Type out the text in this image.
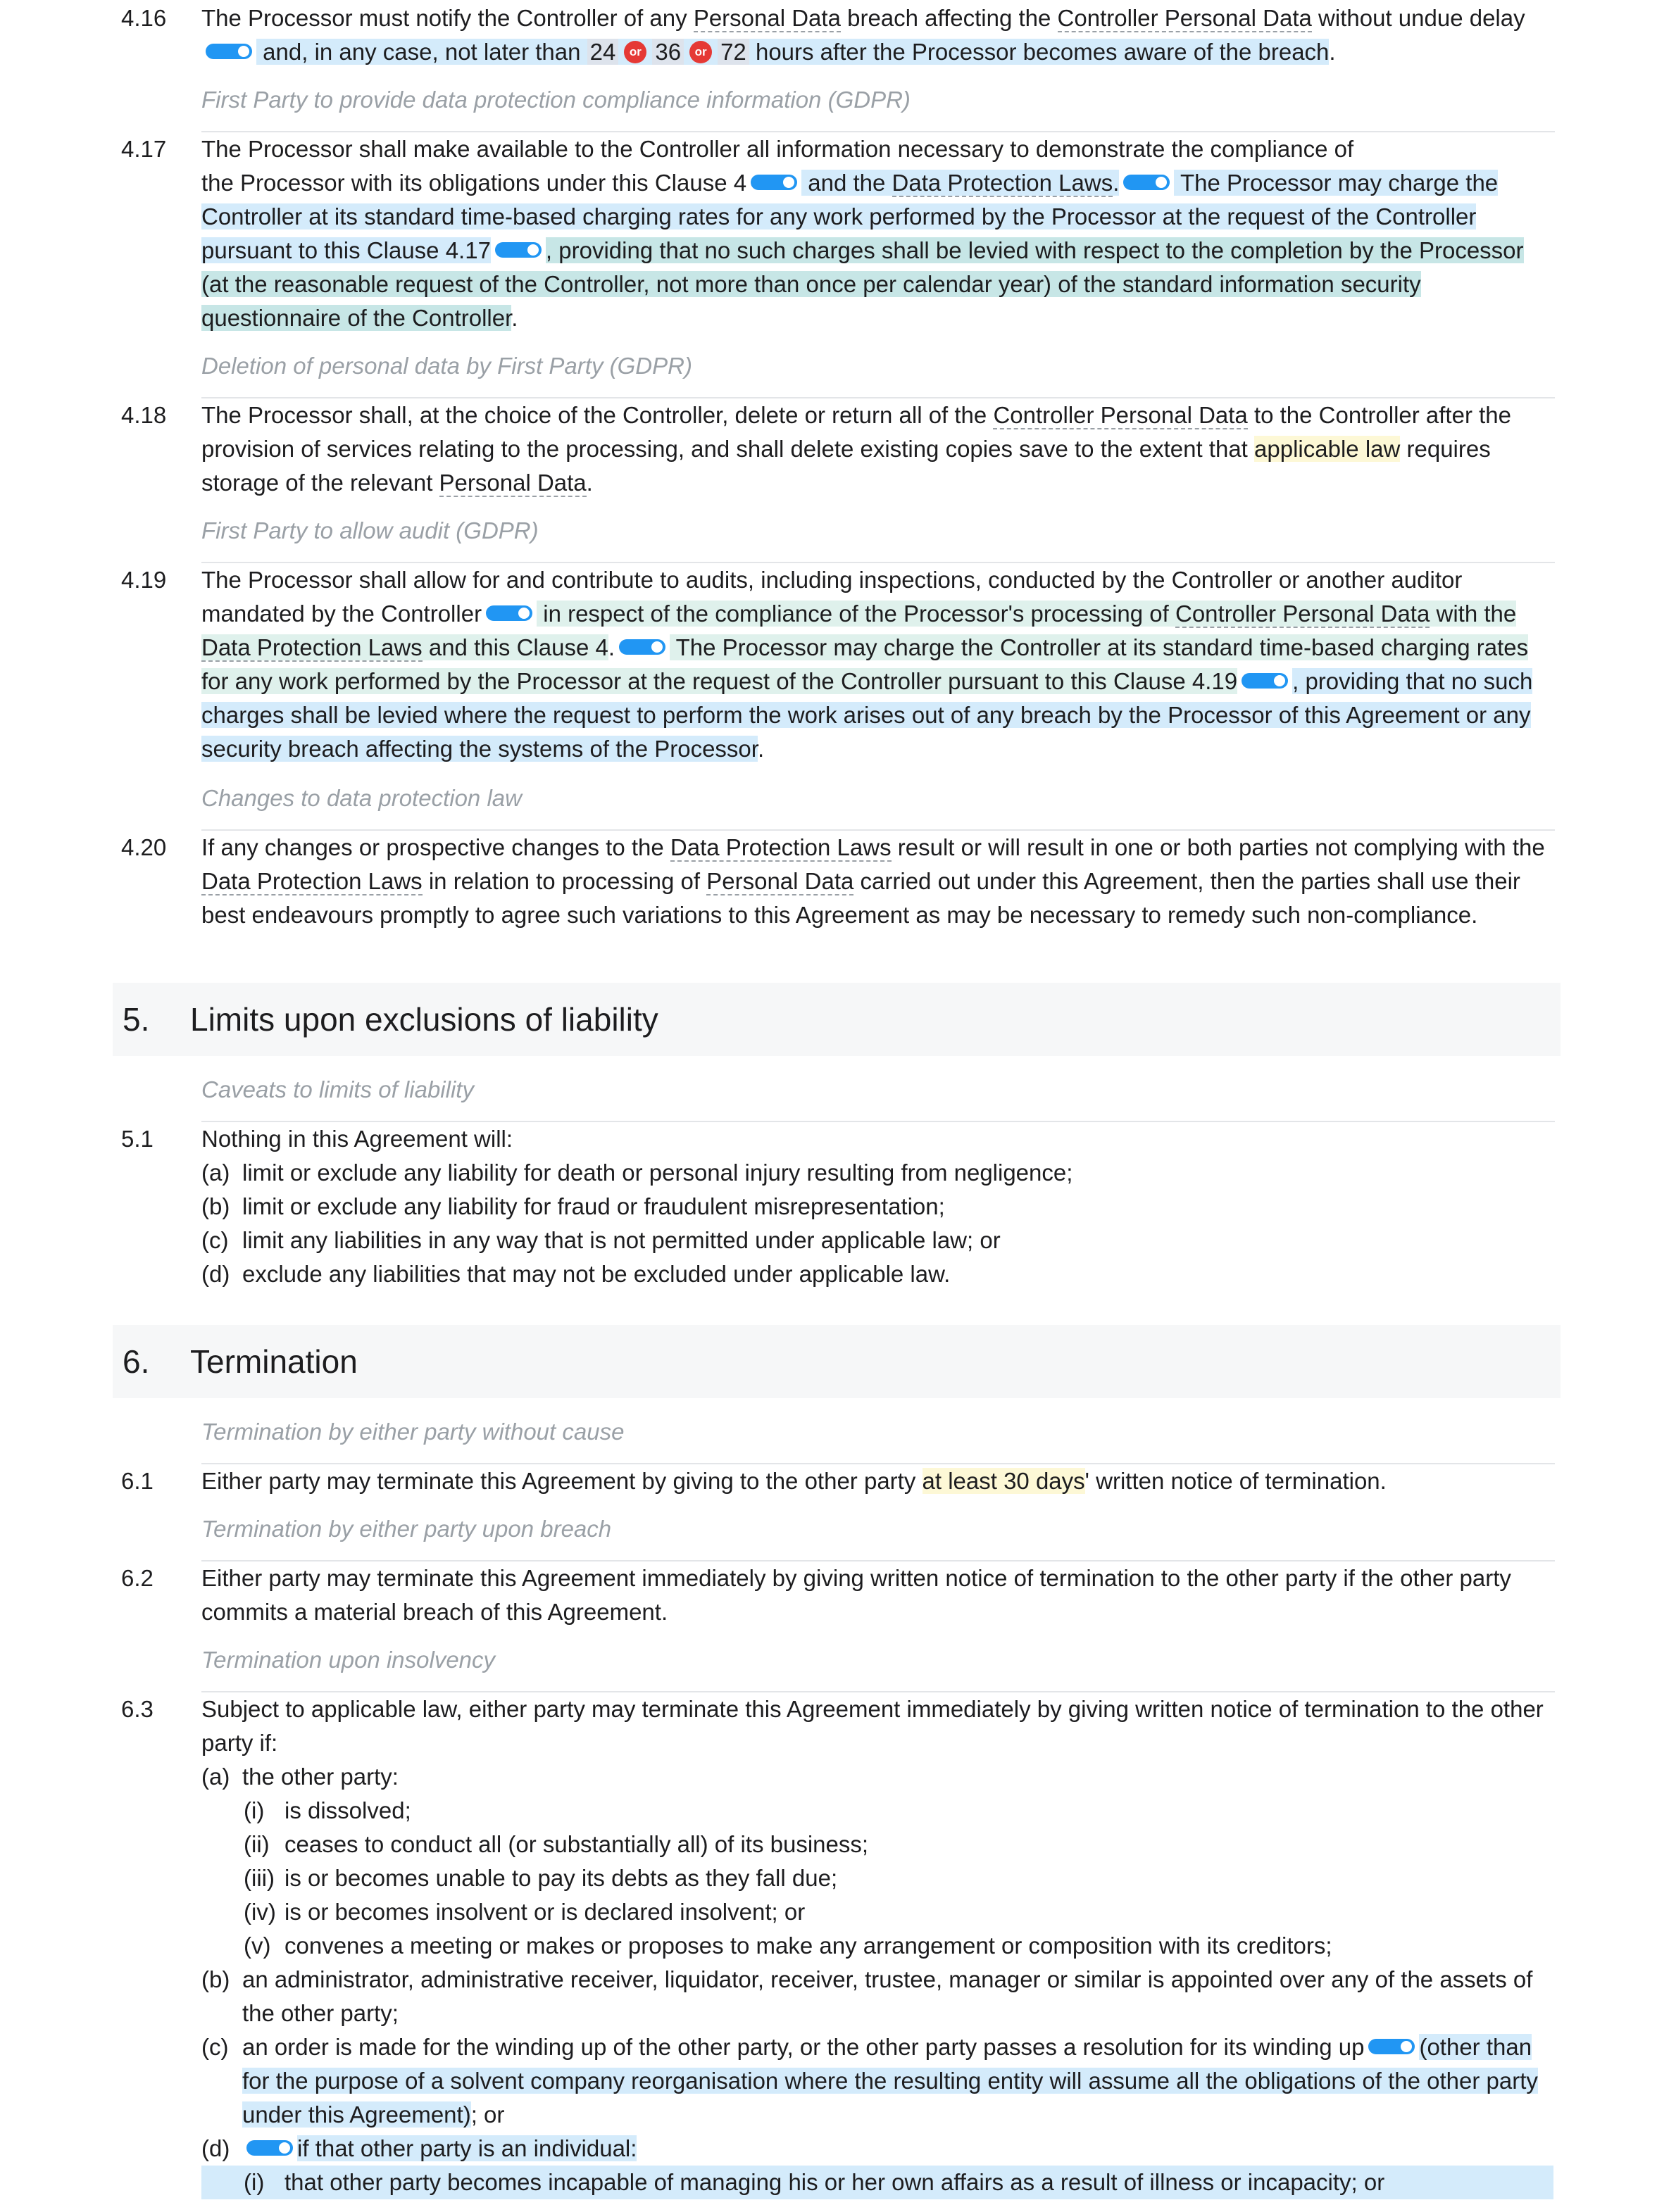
4.16 The Processor must notify the Controller of any Personal Data breach affecting the Controller Personal Data without undue delay and, in any case, not later than 24 or 36 or 72 hours after the Processor becomes aware of the breach.
First Party to provide data protection compliance information (GDPR)
4.17 The Processor shall make available to the Controller all information necessary to demonstrate the compliance of
the Processor with its obligations under this Clause 4 and the Data Protection Laws. The Processor may charge the Controller at its standard time-based charging rates for any work performed by the Processor at the request of the Controller pursuant to this Clause 4.17 , providing that no such charges shall be levied with respect to the completion by the Processor (at the reasonable request of the Controller, not more than once per calendar year) of the standard information security questionnaire of the Controller.
Deletion of personal data by First Party (GDPR)
4.18 The Processor shall, at the choice of the Controller, delete or return all of the Controller Personal Data to the Controller after the provision of services relating to the processing, and shall delete existing copies save to the extent that applicable law requires storage of the relevant Personal Data.
First Party to allow audit (GDPR)
4.19 The Processor shall allow for and contribute to audits, including inspections, conducted by the Controller or another auditor mandated by the Controller in respect of the compliance of the Processor's processing of Controller Personal Data with the Data Protection Laws and this Clause 4. The Processor may charge the Controller at its standard time-based charging rates for any work performed by the Processor at the request of the Controller pursuant to this Clause 4.19 , providing that no such charges shall be levied where the request to perform the work arises out of any breach by the Processor of this Agreement or any security breach affecting the systems of the Processor.
Changes to data protection law
4.20 If any changes or prospective changes to the Data Protection Laws result or will result in one or both parties not complying with the Data Protection Laws in relation to processing of Personal Data carried out under this Agreement, then the parties shall use their best endeavours promptly to agree such variations to this Agreement as may be necessary to remedy such non-compliance.
5. Limits upon exclusions of liability
Caveats to limits of liability
5.1 Nothing in this Agreement will:
(a) limit or exclude any liability for death or personal injury resulting from negligence;
(b) limit or exclude any liability for fraud or fraudulent misrepresentation;
(c) limit any liabilities in any way that is not permitted under applicable law; or
(d) exclude any liabilities that may not be excluded under applicable law.
6. Termination
Termination by either party without cause
6.1 Either party may terminate this Agreement by giving to the other party at least 30 days' written notice of termination.
Termination by either party upon breach
6.2 Either party may terminate this Agreement immediately by giving written notice of termination to the other party if the other party commits a material breach of this Agreement.
Termination upon insolvency
6.3 Subject to applicable law, either party may terminate this Agreement immediately by giving written notice of termination to the other party if:
(a) the other party:
(i) is dissolved;
(ii) ceases to conduct all (or substantially all) of its business;
(iii) is or becomes unable to pay its debts as they fall due;
(iv) is or becomes insolvent or is declared insolvent; or
(v) convenes a meeting or makes or proposes to make any arrangement or composition with its creditors;
(b) an administrator, administrative receiver, liquidator, receiver, trustee, manager or similar is appointed over any of the assets of the other party;
(c) an order is made for the winding up of the other party, or the other party passes a resolution for its winding up (other than for the purpose of a solvent company reorganisation where the resulting entity will assume all the obligations of the other party under this Agreement); or
(d)	if that other party is an individual:
(i) that other party becomes incapable of managing his or her own affairs as a result of illness or incapacity; or
